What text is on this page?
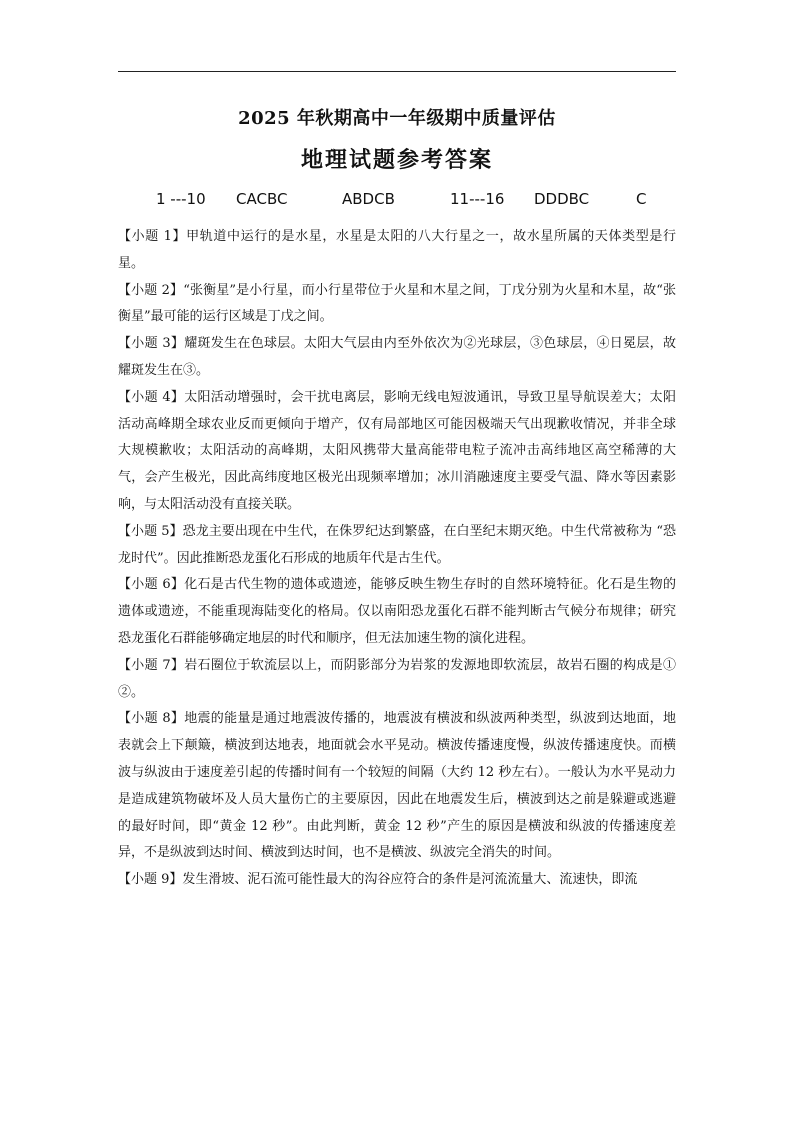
2025 年秋期高中一年级期中质量评估
地理试题参考答案
1 ---10 CACBC	ABDCB	11---16 DDDBC	C

【小题 1】甲轨道中运行的是水星，水星是太阳的八大行星之一，故水星所属的天体类型是行星。

【小题 2】“张衡星”是小行星，而小行星带位于火星和木星之间，丁戊分别为火星和木星，故“张衡星”最可能的运行区域是丁戊之间。

【小题 3】耀斑发生在色球层。太阳大气层由内至外依次为②光球层，③色球层，④日冕层，故耀斑发生在③。

【小题 4】太阳活动增强时，会干扰电离层，影响无线电短波通讯，导致卫星导航误差大；太阳活动高峰期全球农业反而更倾向于增产，仅有局部地区可能因极端天气出现歉收情况，并非全球大规模歉收；太阳活动的高峰期，太阳风携带大量高能带电粒子流冲击高纬地区高空稀薄的大气，会产生极光，因此高纬度地区极光出现频率增加；冰川消融速度主要受气温、降水等因素影响，与太阳活动没有直接关联。

【小题 5】恐龙主要出现在中生代，在侏罗纪达到繁盛，在白垩纪末期灭绝。中生代常被称为 “恐龙时代”。因此推断恐龙蛋化石形成的地质年代是古生代。

【小题 6】化石是古代生物的遗体或遗迹，能够反映生物生存时的自然环境特征。化石是生物的遗体或遗迹，不能重现海陆变化的格局。仅以南阳恐龙蛋化石群不能判断古气候分布规律；研究恐龙蛋化石群能够确定地层的时代和顺序，但无法加速生物的演化进程。

【小题 7】岩石圈位于软流层以上，而阴影部分为岩浆的发源地即软流层，故岩石圈的构成是①②。

【小题 8】地震的能量是通过地震波传播的，地震波有横波和纵波两种类型，纵波到达地面，地表就会上下颠簸，横波到达地表，地面就会水平晃动。横波传播速度慢，纵波传播速度快。而横波与纵波由于速度差引起的传播时间有一个较短的间隔（大约 12 秒左右）。一般认为水平晃动力是造成建筑物破坏及人员大量伤亡的主要原因，因此在地震发生后，横波到达之前是躲避或逃避的最好时间，即“黄金 12 秒”。由此判断，黄金 12 秒”产生的原因是横波和纵波的传播速度差异，不是纵波到达时间、横波到达时间，也不是横波、纵波完全消失的时间。

【小题 9】发生滑坡、泥石流可能性最大的沟谷应符合的条件是河流流量大、流速快，即流
